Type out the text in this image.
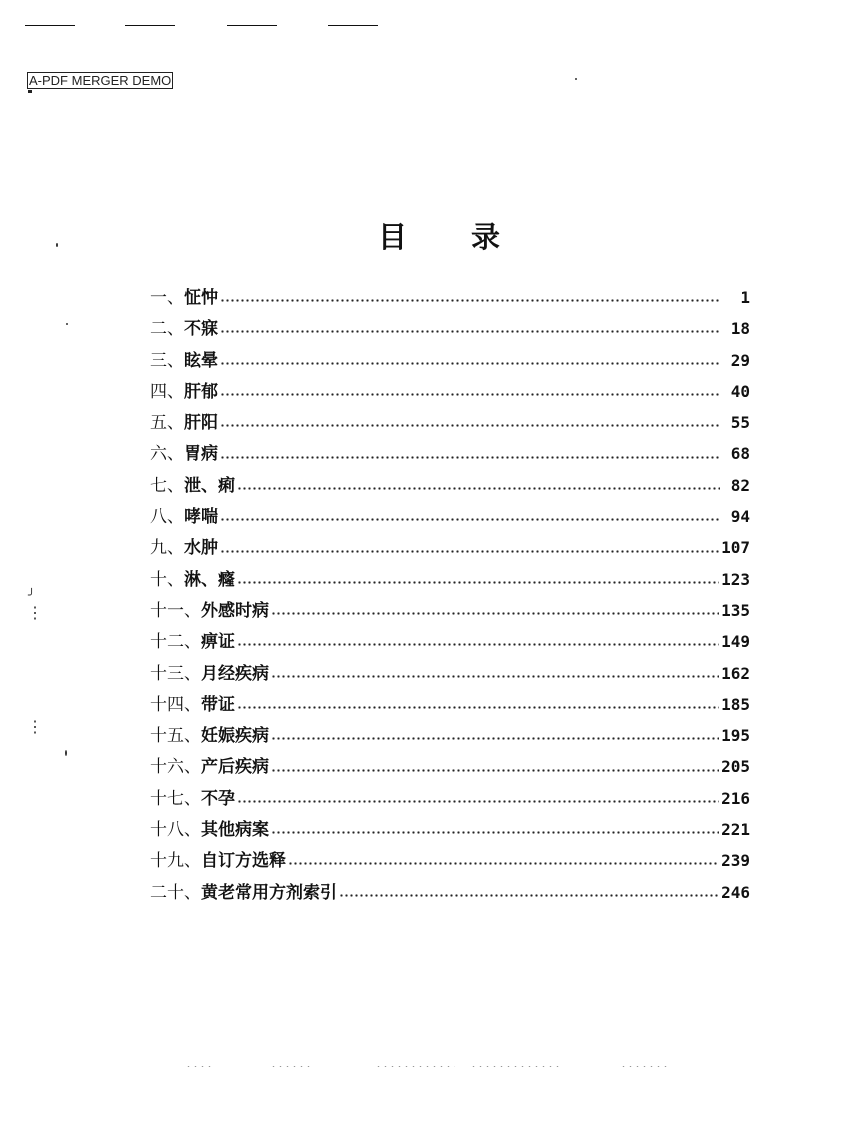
A-PDF MERGER DEMO
目录
一、 怔忡	1
二、 不寐	18
三、 眩晕	29
四、 肝郁	40
五、 肝阳	55
六、 胃病	68
七、 泄、痢	82
八、 哮喘	94
九、 水肿	107
十、 淋、癃	123
十一、 外感时病	135
十二、 痹证	149
十三、 月经疾病	162
十四、 带证	185
十五、 妊娠疾病	195
十六、 产后疾病	205
十七、 不孕	216
十八、 其他病案	221
十九、 自订方选释	239
二十、 黄老常用方剂索引	246
╯
⋮
⋮
